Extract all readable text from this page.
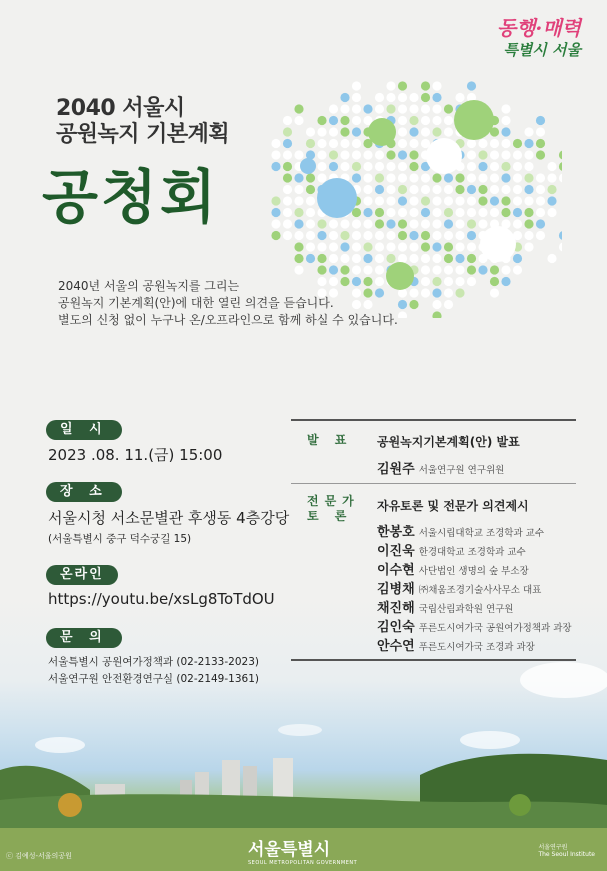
동행·매력
특별시 서울
2040 서울시
공원녹지 기본계획
공청회
2040년 서울의 공원녹지를 그리는
공원녹지 기본계획(안)에 대한 열린 의견을 듣습니다.
별도의 신청 없이 누구나 온/오프라인으로 함께 하실 수 있습니다.
일 시
2023 .08. 11.(금) 15:00
장 소
서울시청 서소문별관 후생동 4층강당
(서울특별시 중구 덕수궁길 15)
온라인
https://youtu.be/xsLg8ToTdOU
문 의
서울특별시 공원여가정책과 (02-2133-2023)
서울연구원 안전환경연구실 (02-2149-1361)
발 표 공원녹지기본계획(안) 발표
김원주 서울연구원 연구위원
전문가
토 론
자유토론 및 전문가 의견제시
한봉호 서울시립대학교 조경학과 교수
이진욱 한경대학교 조경학과 교수
이수현 사단법인 생명의 숲 부소장
김병채 ㈜채움조경기술사사무소 대표
채진해 국립산림과학원 연구원
김인숙 푸른도시여가국 공원여가정책과 과장
안수연 푸른도시여가국 조경과 과장
서울특별시
SEOUL METROPOLITAN GOVERNMENT
ⓒ 김예성-서울의공원
서울연구원
The Seoul Institute
